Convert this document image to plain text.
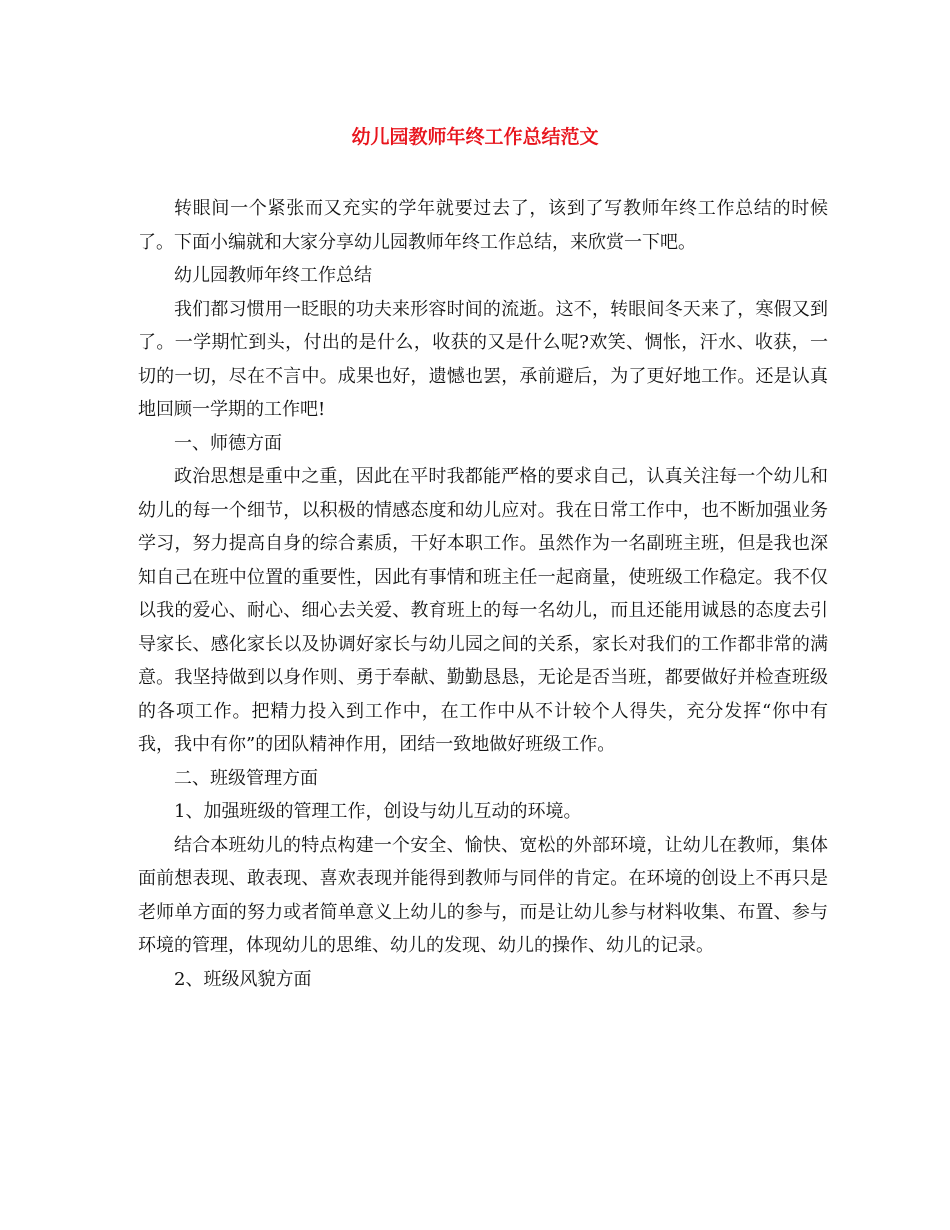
幼儿园教师年终工作总结范文

转眼间一个紧张而又充实的学年就要过去了，该到了写教师年终工作总结的时候了。下面小编就和大家分享幼儿园教师年终工作总结，来欣赏一下吧。

幼儿园教师年终工作总结

我们都习惯用一眨眼的功夫来形容时间的流逝。这不，转眼间冬天来了，寒假又到了。一学期忙到头，付出的是什么，收获的又是什么呢?欢笑、惆怅，汗水、收获，一切的一切，尽在不言中。成果也好，遗憾也罢，承前避后，为了更好地工作。还是认真地回顾一学期的工作吧!

一、师德方面

政治思想是重中之重，因此在平时我都能严格的要求自己，认真关注每一个幼儿和幼儿的每一个细节，以积极的情感态度和幼儿应对。我在日常工作中，也不断加强业务学习，努力提高自身的综合素质，干好本职工作。虽然作为一名副班主班，但是我也深知自己在班中位置的重要性，因此有事情和班主任一起商量，使班级工作稳定。我不仅以我的爱心、耐心、细心去关爱、教育班上的每一名幼儿，而且还能用诚恳的态度去引导家长、感化家长以及协调好家长与幼儿园之间的关系，家长对我们的工作都非常的满意。我坚持做到以身作则、勇于奉献、勤勤恳恳，无论是否当班，都要做好并检查班级的各项工作。把精力投入到工作中，在工作中从不计较个人得失，充分发挥“你中有我，我中有你”的团队精神作用，团结一致地做好班级工作。

二、班级管理方面

1、加强班级的管理工作，创设与幼儿互动的环境。

结合本班幼儿的特点构建一个安全、愉快、宽松的外部环境，让幼儿在教师，集体面前想表现、敢表现、喜欢表现并能得到教师与同伴的肯定。在环境的创设上不再只是老师单方面的努力或者简单意义上幼儿的参与，而是让幼儿参与材料收集、布置、参与环境的管理，体现幼儿的思维、幼儿的发现、幼儿的操作、幼儿的记录。

2、班级风貌方面
